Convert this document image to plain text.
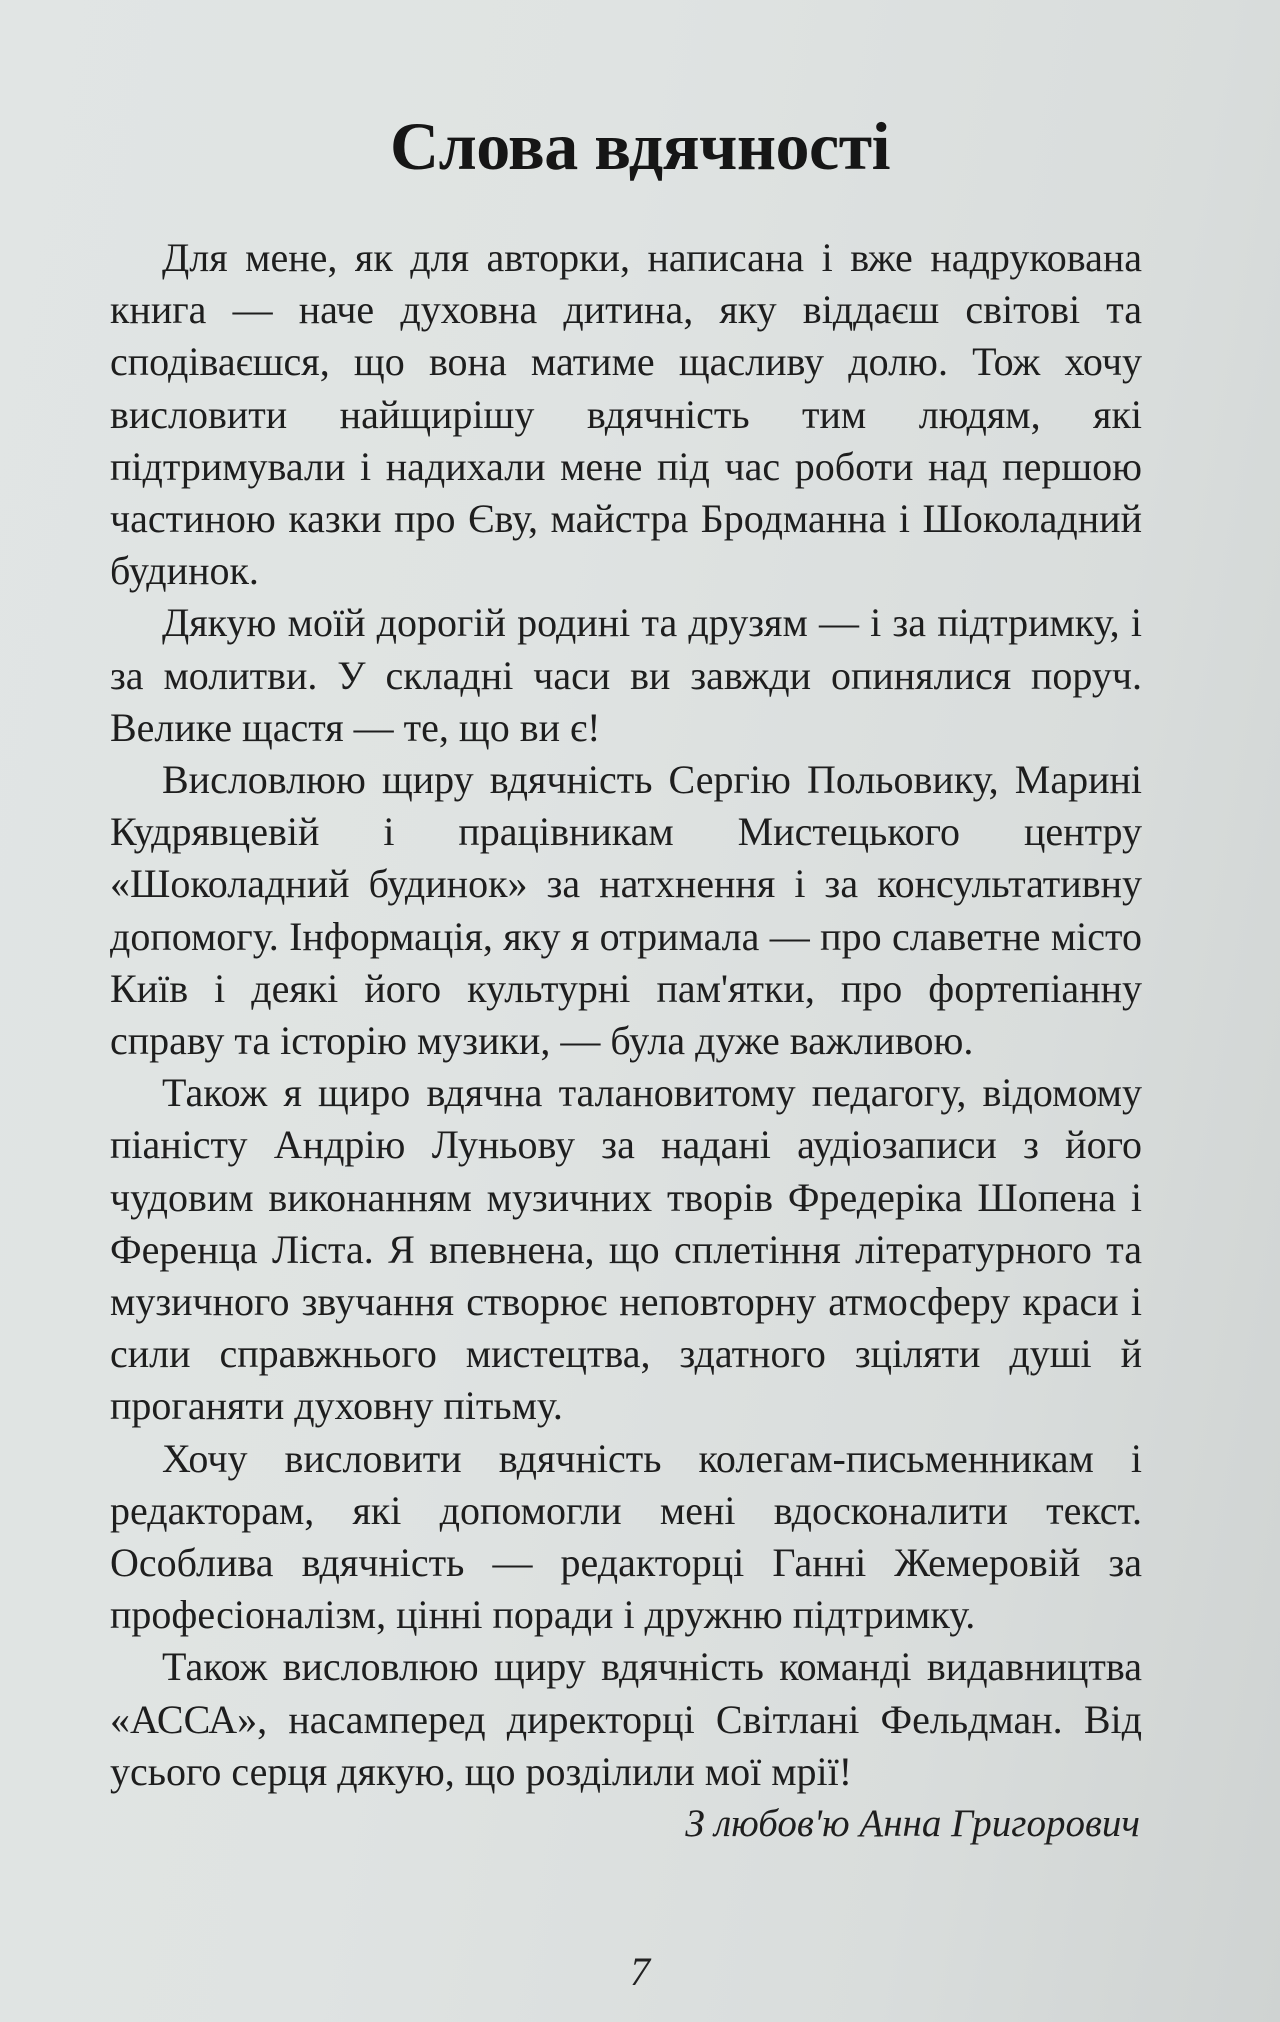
Слова вдячності

Для мене, як для авторки, написана і вже надрукована книга — наче духовна дитина, яку віддаєш світові та сподіваєшся, що вона матиме щасливу долю. Тож хочу висловити найщирішу вдячність тим людям, які підтримували і надихали мене під час роботи над першою частиною казки про Єву, майстра Бродманна і Шоколадний будинок.

Дякую моїй дорогій родині та друзям — і за підтримку, і за молитви. У складні часи ви завжди опинялися поруч. Велике щастя — те, що ви є!

Висловлюю щиру вдячність Сергію Польовику, Марині Кудрявцевій і працівникам Мистецького центру «Шоколадний будинок» за натхнення і за консультативну допомогу. Інформація, яку я отримала — про славетне місто Київ і деякі його культурні пам'ятки, про фортепіанну справу та історію музики, — була дуже важливою.

Також я щиро вдячна талановитому педагогу, відомому піаністу Андрію Луньову за надані аудіозаписи з його чудовим виконанням музичних творів Фредеріка Шопена і Ференца Ліста. Я впевнена, що сплетіння літературного та музичного звучання створює неповторну атмосферу краси і сили справжнього мистецтва, здатного зціляти душі й проганяти духовну пітьму.

Хочу висловити вдячність колегам-письменникам і редакторам, які допомогли мені вдосконалити текст. Особлива вдячність — редакторці Ганні Жемеровій за професіоналізм, цінні поради і дружню підтримку.

Також висловлюю щиру вдячність команді видавництва «АССА», насамперед директорці Світлані Фельдман. Від усього серця дякую, що розділили мої мрії!

З любов'ю Анна Григорович

7
